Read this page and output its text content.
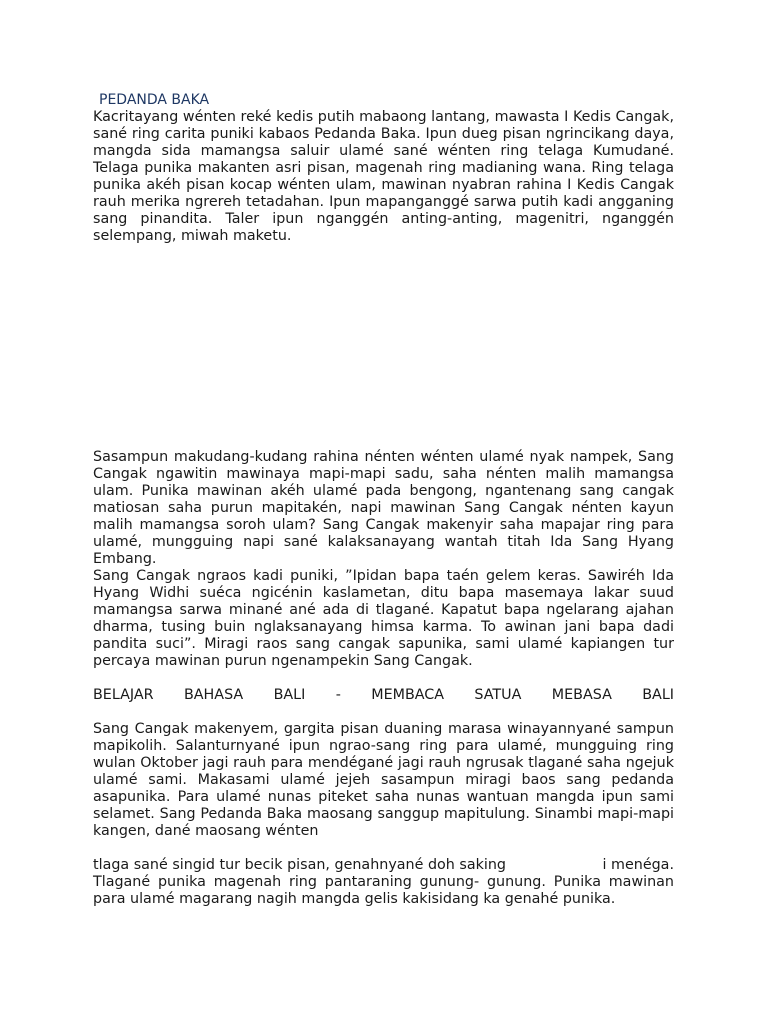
PEDANDA BAKA

Kacritayang wénten reké kedis putih mabaong lantang, mawasta I Kedis Cangak, sané ring carita puniki kabaos Pedanda Baka. Ipun dueg pisan ngrincikang daya, mangda sida mamangsa saluir ulamé sané wénten ring telaga Kumudané. Telaga punika makanten asri pisan, magenah ring madianing wana. Ring telaga punika akéh pisan kocap wénten ulam, mawinan nyabran rahina I Kedis Cangak rauh merika ngrereh tetadahan. Ipun mapanganggé sarwa putih kadi angganing sang pinandita. Taler ipun nganggén anting-anting, magenitri, nganggén selempang, miwah maketu.

Sasampun makudang-kudang rahina nénten wénten ulamé nyak nampek, Sang Cangak ngawitin mawinaya mapi-mapi sadu, saha nénten malih mamangsa ulam. Punika mawinan akéh ulamé pada bengong, ngantenang sang cangak matiosan saha purun mapitakén, napi mawinan Sang Cangak nénten kayun malih mamangsa soroh ulam? Sang Cangak makenyir saha mapajar ring para ulamé, mungguing napi sané kalaksanayang wantah titah Ida Sang Hyang Embang.

Sang Cangak ngraos kadi puniki, ”Ipidan bapa taén gelem keras. Sawiréh Ida Hyang Widhi suéca ngicénin kaslametan, ditu bapa masemaya lakar suud mamangsa sarwa minané ané ada di tlagané. Kapatut bapa ngelarang ajahan dharma, tusing buin nglaksanayang himsa karma. To awinan jani bapa dadi pandita suci”. Miragi raos sang cangak sapunika, sami ulamé kapiangen tur percaya mawinan purun ngenampekin Sang Cangak.

BELAJAR BAHASA BALI - MEMBACA SATUA MEBASA BALI

Sang Cangak makenyem, gargita pisan duaning marasa winayannyané sampun mapikolih. Salanturnyané ipun ngrao-sang ring para ulamé, mungguing ring wulan Oktober jagi rauh para mendégané jagi rauh ngrusak tlagané saha ngejuk ulamé sami. Makasami ulamé jejeh sasampun miragi baos sang pedanda asapunika. Para ulamé nunas piteket saha nunas wantuan mangda ipun sami selamet. Sang Pedanda Baka maosang sanggup mapitulung. Sinambi mapi-mapi kangen, dané maosang wénten

tlaga sané singid tur becik pisan, genahnyané doh saking	i menéga.
Tlagané punika magenah ring pantaraning gunung- gunung. Punika mawinan para ulamé magarang nagih mangda gelis kakisidang ka genahé punika.
